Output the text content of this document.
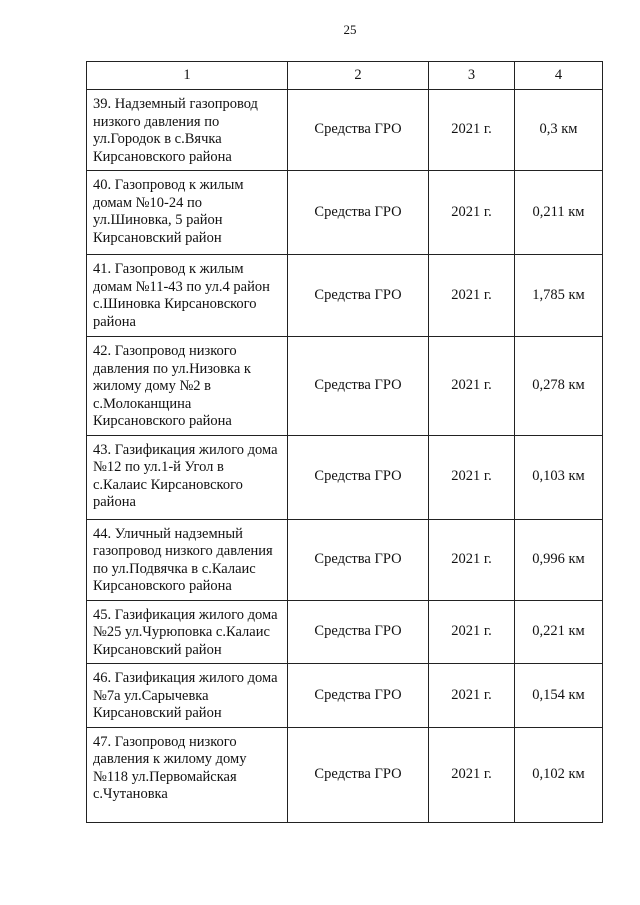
25
1	2	3	4

39. Надземный газопровод
низкого давления по
ул.Городок в с.Вячка
Кирсановского района	Средства ГРО	2021 г.	0,3 км

40. Газопровод к жилым
домам №10-24 по
ул.Шиновка, 5 район
Кирсановский район	Средства ГРО	2021 г.	0,211 км

41. Газопровод к жилым
домам №11-43 по ул.4 район
с.Шиновка Кирсановского
района	Средства ГРО	2021 г.	1,785 км

42. Газопровод низкого
давления по ул.Низовка к
жилому дому №2 в
с.Молоканщина
Кирсановского района	Средства ГРО	2021 г.	0,278 км

43. Газификация жилого дома
№12 по ул.1-й Угол в
с.Калаис Кирсановского
района	Средства ГРО	2021 г.	0,103 км

44. Уличный надземный
газопровод низкого давления
по ул.Подвячка в с.Калаис
Кирсановского района	Средства ГРО	2021 г.	0,996 км

45. Газификация жилого дома
№25 ул.Чурюповка с.Калаис
Кирсановский район	Средства ГРО	2021 г.	0,221 км

46. Газификация жилого дома
№7а ул.Сарычевка
Кирсановский район	Средства ГРО	2021 г.	0,154 км

47. Газопровод низкого
давления к жилому дому
№118 ул.Первомайская
с.Чутановка	Средства ГРО	2021 г.	0,102 км
